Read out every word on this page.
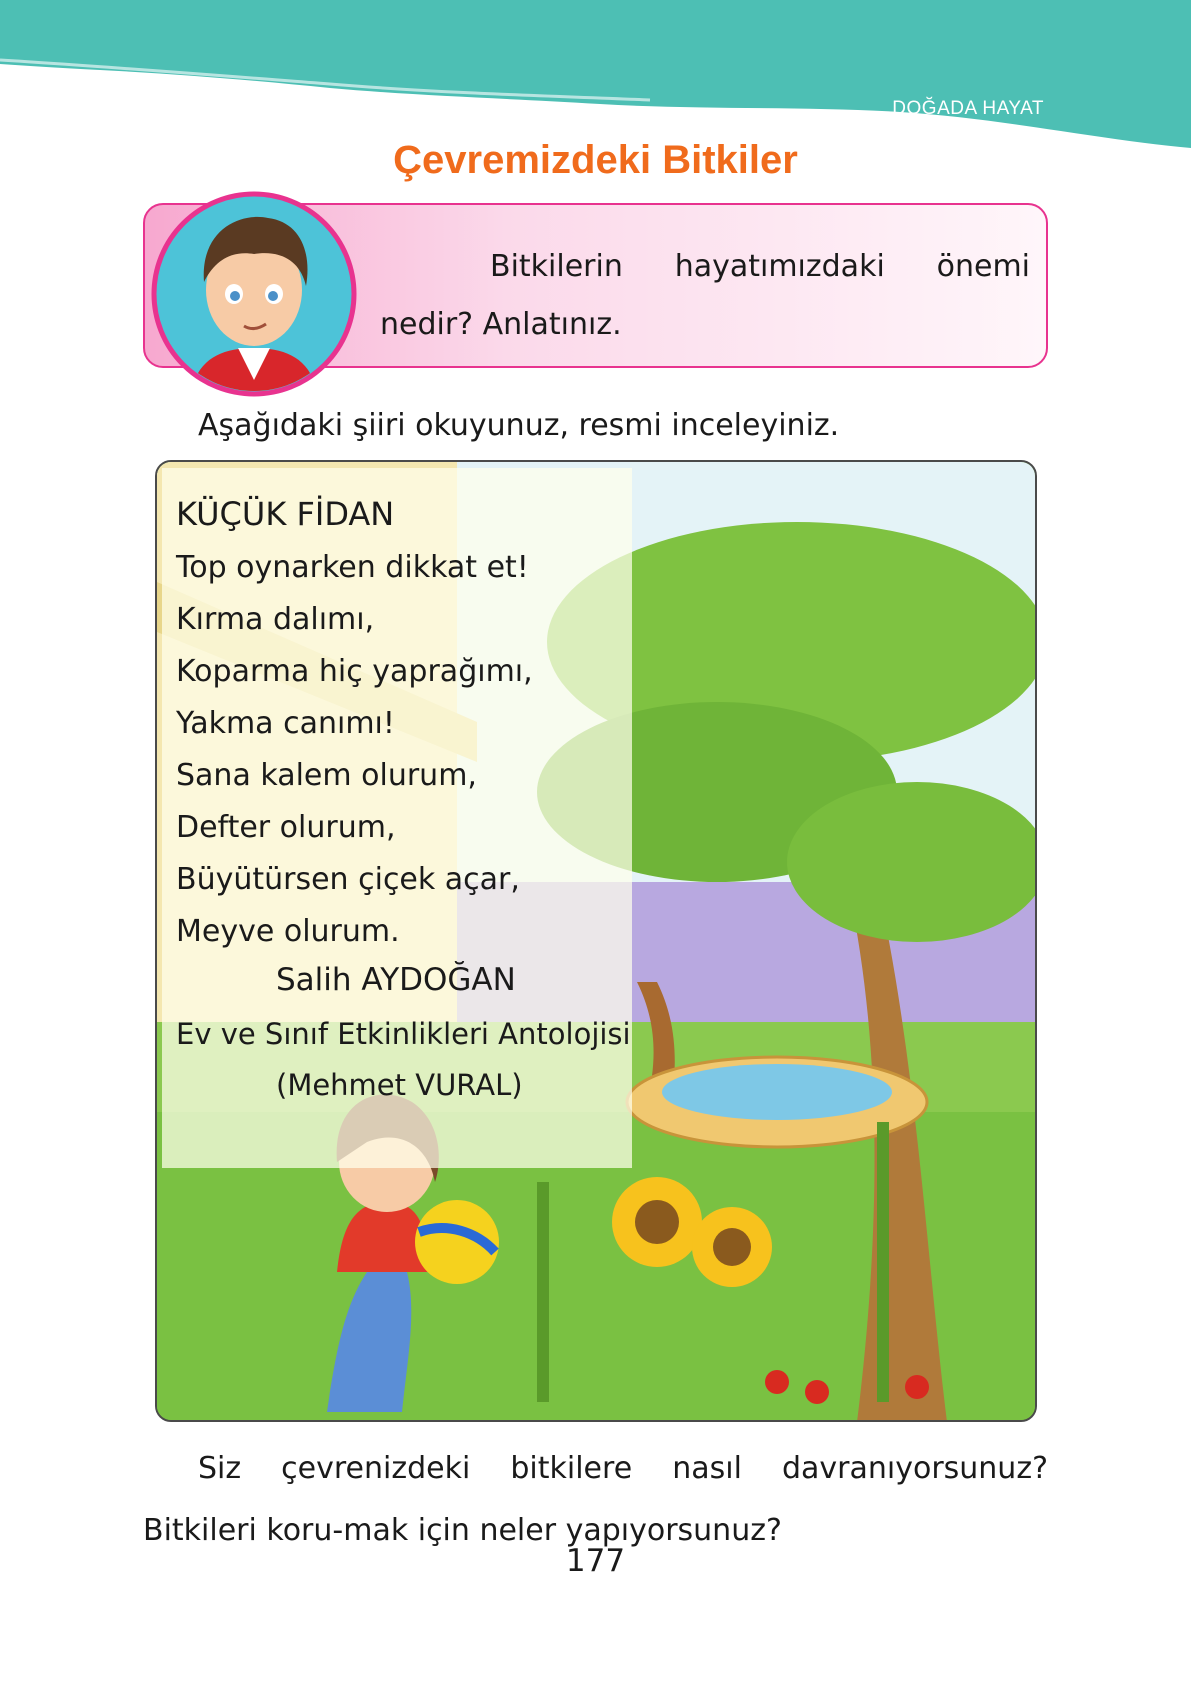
DOĞADA HAYAT
Çevremizdeki Bitkiler
Bitkilerin hayatımızdaki önemi nedir? Anlatınız.
Aşağıdaki şiiri okuyunuz, resmi inceleyiniz.
KÜÇÜK FİDAN
Top oynarken dikkat et!
Kırma dalımı,
Koparma hiç yaprağımı,
Yakma canımı!
Sana kalem olurum,
Defter olurum,
Büyütürsen çiçek açar,
Meyve olurum.
Salih AYDOĞAN
Ev ve Sınıf Etkinlikleri Antolojisi
(Mehmet VURAL)
Siz çevrenizdeki bitkilere nasıl davranıyorsunuz? Bitkileri koru-mak için neler yapıyorsunuz?
177
